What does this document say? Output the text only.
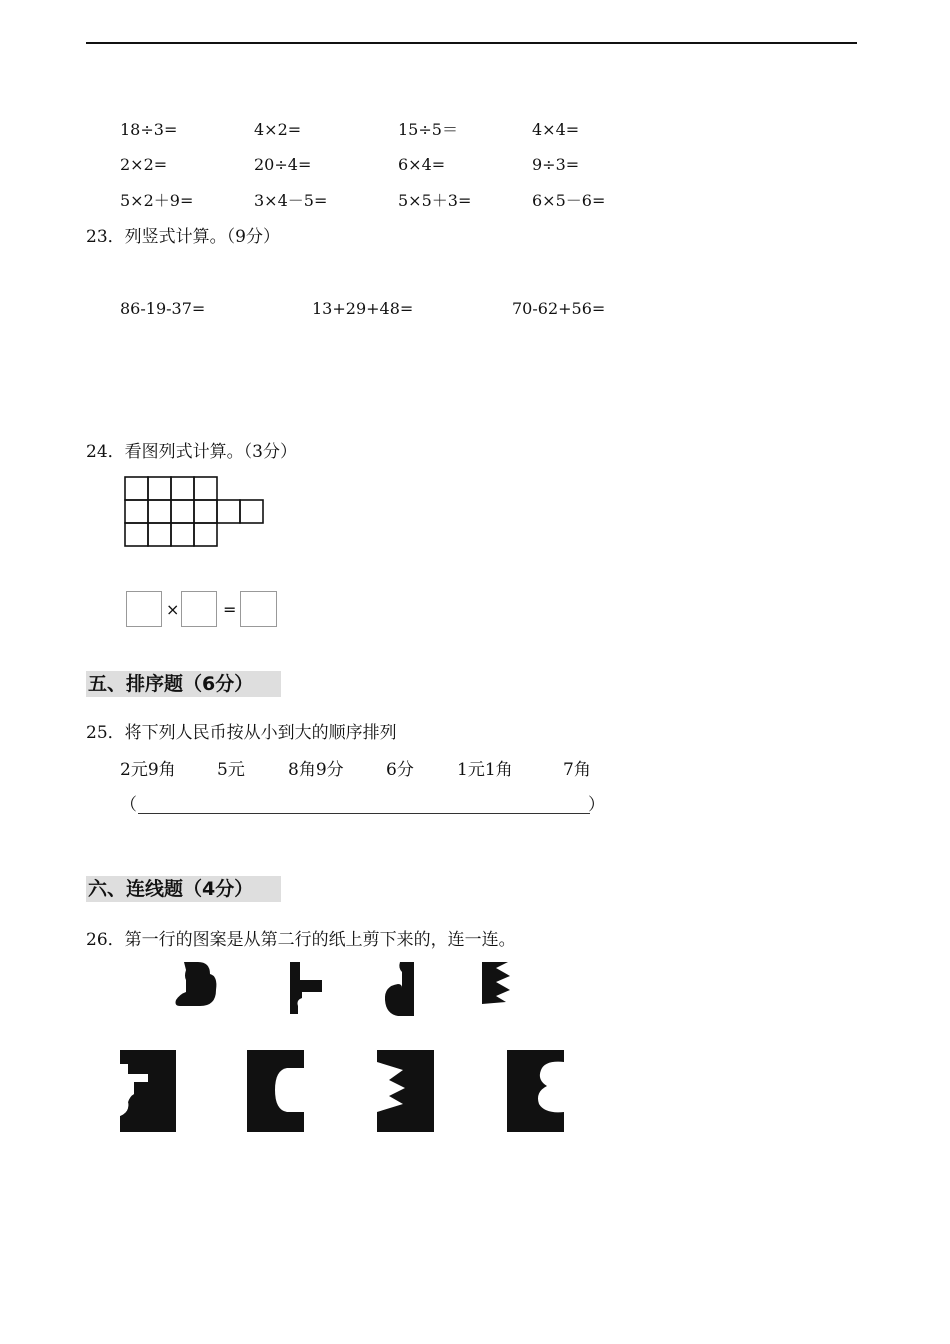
18÷3=	4×2=	15÷5＝	4×4=
2×2=	20÷4=	6×4=	9÷3=
5×2＋9=	3×4－5=	5×5＋3=	6×5－6=
23．列竖式计算。（9分）
86-19-37=	13+29+48=	70-62+56=
24．看图列式计算。（3分）
×	=
五、排序题（6分）
25．将下列人民币按从小到大的顺序排列
2元9角 5元	8角9分 6分	1元1角	7角
（	）
六、连线题（4分）
26．第一行的图案是从第二行的纸上剪下来的，连一连。
